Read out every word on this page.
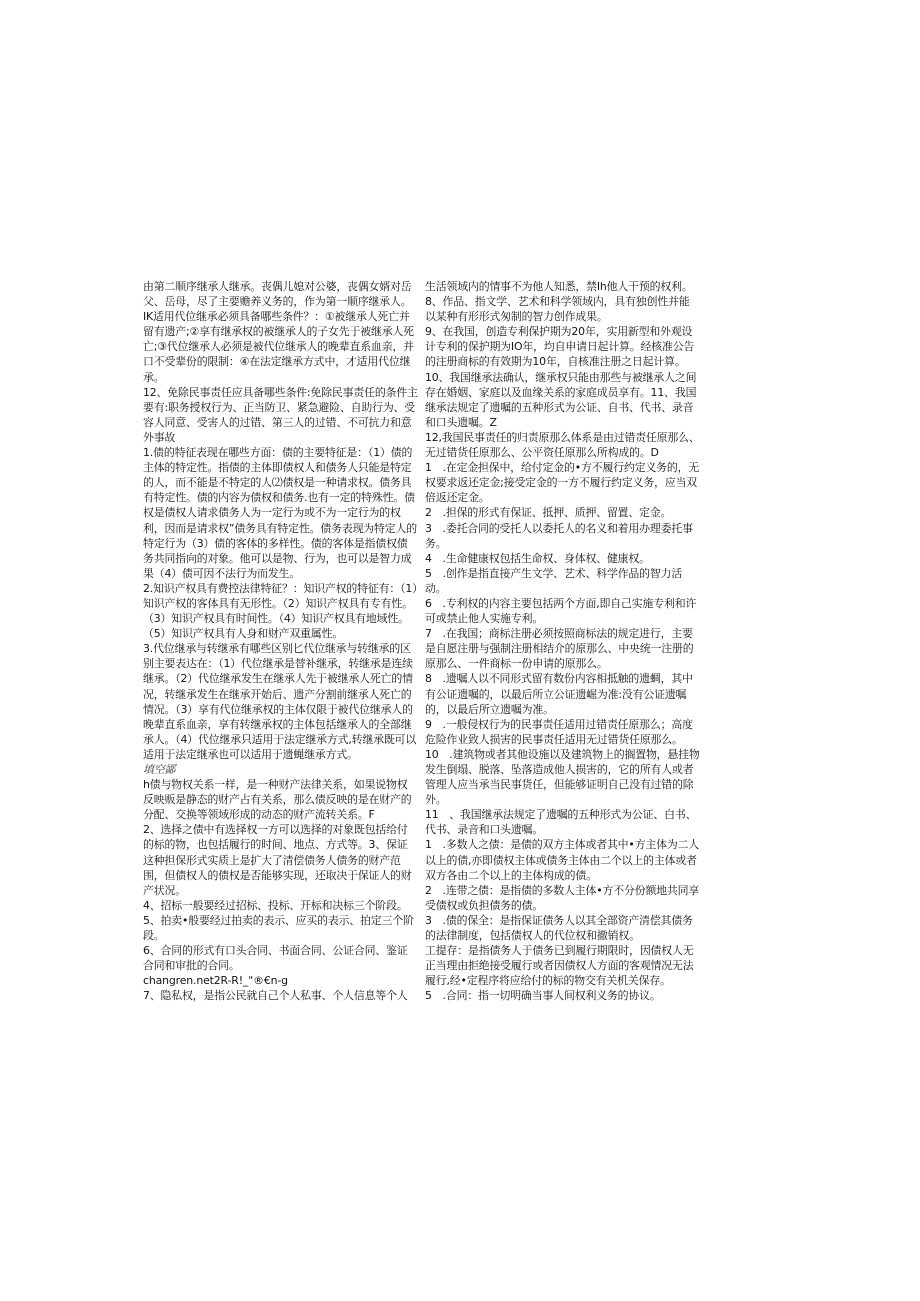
由第二顺序继承人继承。丧偶儿媳对公婆，丧偶女婿对岳父、岳母，尽了主要赡养义务的，作为第一顺序继承人。

IK适用代位继承必须具备哪些条件？：①被继承人死亡并留有遗产;②享有继承权的被继承人的子女先于被继承人死亡;③代位继承人必须是被代位继承人的晚辈直系血亲，并口不受辈份的限制：④在法定继承方式中，才适用代位继承。

12、免除民事责任应具备哪些条件:免除民事责任的条件主要有:职务授权行为、正当防卫、紧急避险、自助行为、受容人同意、受害人的过错、第三人的过错、不可抗力和意外事故

1.债的特征表现在哪些方面：债的主要特征是：（1）债的主体的特定性。指债的主体即债权人和债务人只能是特定的人，而不能是不特定的人⑵债权是一种请求权。债务具有特定性。债的内容为债权和债务.也有一定的特殊性。债权是债权人请求债务人为一定行为或不为一定行为的权利，因而是请求权”债务具有特定性。债务表现为特定人的特定行为（3）债的客体的多样性。债的客体是指债权债务共同指向的对象。他可以是物、行为，也可以是智力成果（4）债可因不法行为而发生。

2.知识产权具有费控法律特征？：知识产权的特征有：（1）知识产权的客体具有无形性。（2）知识产权具有专有性。（3）知识产权具有时间性。（4）知识产权具有地域性。（5）知识产权具有人身和财产双重属性。

3.代位继承与转继承有哪些区别匕代位继承与转继承的区别主要表达在：（1）代位继承是替补继承，转继承是连续继承。（2）代位继承发生在继承人先于被继承人死亡的情况，转继承发生在继承开始后、遗产分割前继承人死亡的情况。（3）享有代位继承权的主体仅限于被代位继承人的晚辈直系血亲，享有转继承权的主体包括继承人的全部继承人。（4）代位继承只适用于法定继承方式,转继承既可以适用于法定继承也可以适用于遗蝇继承方式。

填空鄙

h债与物权关系一样，是一种财产法律关系，如果说物权反映贩是静态的财产占有关系，那么债反映的是在财产的分配、交换等领域形成的动态的财产流转关系。F

2、选择之债中有选择权一方可以选择的对象既包括给付的标的物，也包括履行的时间、地点、方式等。3、保证这种担保形式实质上是扩大了清偿债务人债务的财产范围，但债权人的债权是否能够实现，还取决于保证人的财产状况。

4、招标一般要经过招标、投标、开标和决标三个阶段。

5、拍卖•般要经过拍卖的表示、应买的表示、拍定三个阶段。

6、合同的形式有口头合同、书面合同、公证合同、鉴证合同和审批的合同。

changren.net2R-R!_"®€n-g

7、隐私权，是指公民就自己个人私事、个人信息等个人

生活领域内的情事不为他人知悉，禁Ih他人干预的权利。

8、作品、指文学、艺术和科学领域内，具有独创性并能以某种有形形式匆制的智力创作成果。

9、在我国，创造专利保护期为20年，实用新型和外观设计专利的保护期为IO年，均自申请日起计算。经核准公告的注册商标的有效期为10年，自核准注册之日起计算。10、我国继承法确认，继承权只能由那些与被继承人之间存在婚姻、家庭以及血缘关系的家庭成员享有。11、我国继承法规定了遗嘱的五种形式为公证、自书、代书、录音和口头遗嘱。Z

12,我国民事责任的归责原那么体系是由过错责任原那么、无过错货任原那么、公平资任原那么所构成的。D

1　.在定金担保中，给付定金的•方不履行约定义务的，无权要求返还定金;接受定金的一方不履行约定义务，应当双倍返还定金。

2　.担保的形式有保证、抵押、质押、留置、定金。

3　.委托合同的受托人以委托人的名义和着用办理委托事务。

4　.生命健康权包括生命权、身体权、健康权。

5　.创作是指直接产生文学、艺术、科学作品的智力活动。

6　.专利权的内容主要包括两个方面,即自己实施专利和许可或禁止他人实施专利。

7　.在我国；商标注册必须按照商标法的规定进行，主要是自愿注册与强制注册相结介的原那么、中央统一注册的原那么、一件商标一份申请的原那么。

8　.遗嘱人以不同形式留有数份内容相抵触的遗蜩，其中有公证遗嘱的，以最后所立公证遗崛为准:没有公证遗嘱的，以最后所立遗嘱为准。

9　.一般侵权行为的民事责任适用过错责任原那么；高度危险作业致人损害的民事责任适用无过错货任原那么。

10　.建筑物或者其他设施以及建筑物上的搁置物，悬挂物发生倒塌、脱落、坠落造成他人损害的，它的所有人或者管理人应当承当民事货任，但能够证明自己没有过错的除外。

11　、我国继承法规定了遗嘱的五种形式为公证、白书、代书、录音和口头遗嘱。

1　.多数人之债：是债的双方主体或者其中•方主体为二人以上的债,亦即债权主体或债务主体由二个以上的主体或者双方各由二个以上的主体构成的债。

2　.连带之债：是指债的多数人主体•方不分份额地共同享受债权或负担债务的债。

3　.债的保全：是指保证债务人以其全部资产清偿其债务的法律制度，包括债权人的代位权和撤销权。

工提存：是指债务人于债务已到履行期限时，因债权人无正当理由拒绝接受履行或者因债权人方面的客观情况无法履行,经•定程序将应给付的标的物交有关机关保存。

5　.合同：指一切明确当事人间权利义务的协议。
